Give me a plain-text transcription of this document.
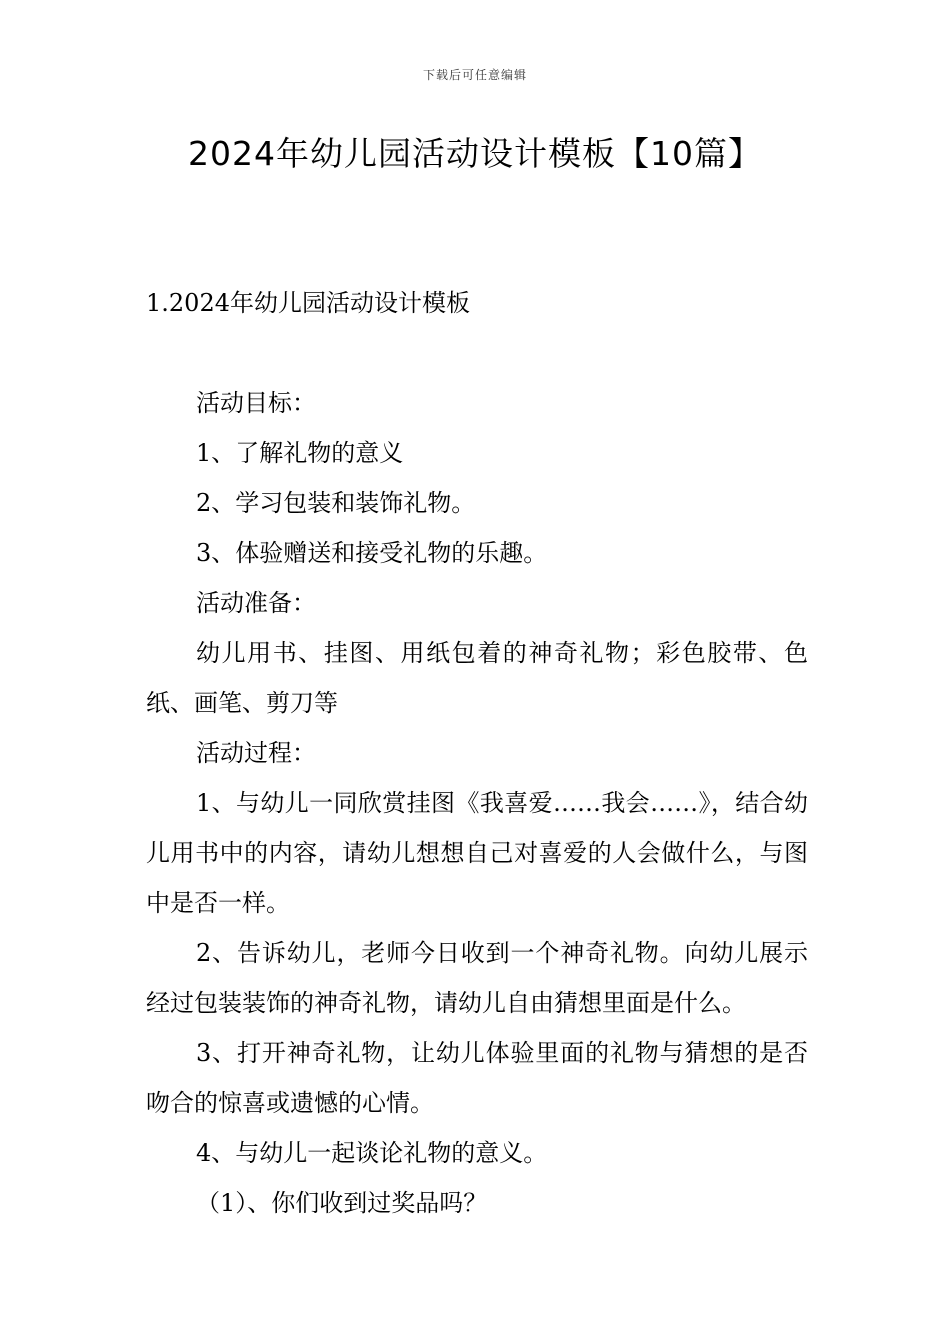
下载后可任意编辑
2024年幼儿园活动设计模板【10篇】
1.2024年幼儿园活动设计模板

活动目标：

1、了解礼物的意义

2、学习包装和装饰礼物。

3、体验赠送和接受礼物的乐趣。

活动准备：

幼儿用书、挂图、用纸包着的神奇礼物；彩色胶带、色纸、画笔、剪刀等

活动过程：

1、与幼儿一同欣赏挂图《我喜爱……我会……》，结合幼儿用书中的内容，请幼儿想想自己对喜爱的人会做什么，与图中是否一样。

2、告诉幼儿，老师今日收到一个神奇礼物。向幼儿展示经过包装装饰的神奇礼物，请幼儿自由猜想里面是什么。

3、打开神奇礼物，让幼儿体验里面的礼物与猜想的是否吻合的惊喜或遗憾的心情。

4、与幼儿一起谈论礼物的意义。

（1）、你们收到过奖品吗？
